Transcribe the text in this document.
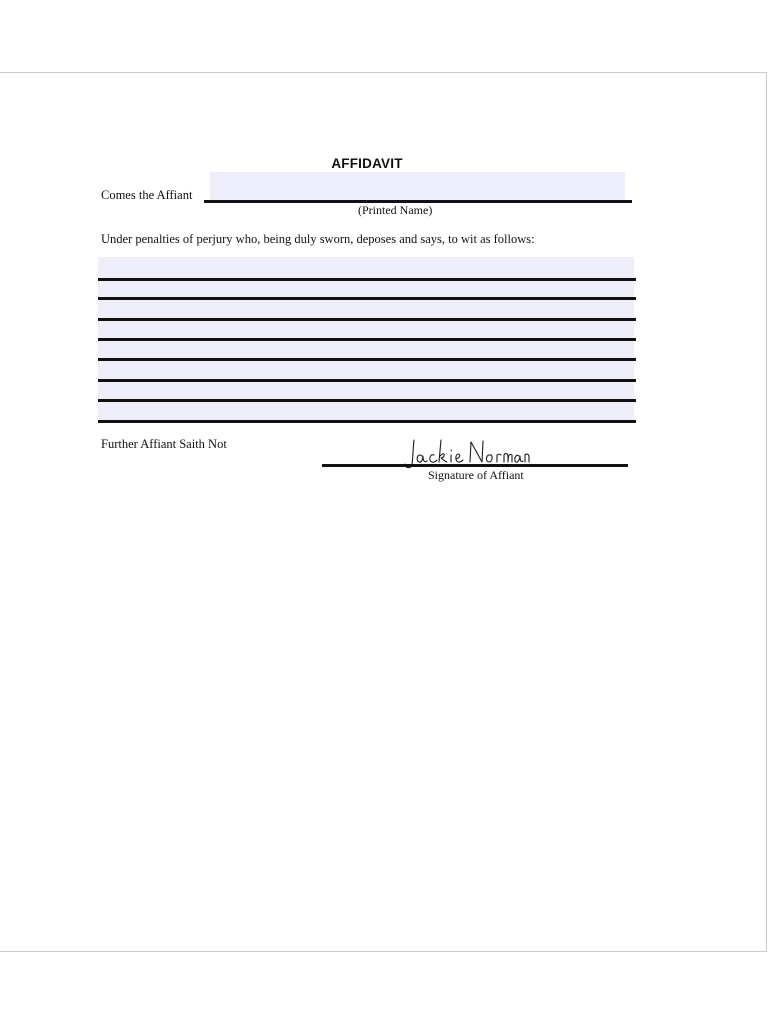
AFFIDAVIT
Comes the Affiant
(Printed Name)
Under penalties of perjury who, being duly sworn, deposes and says, to wit as follows:
Further Affiant Saith Not
Signature of Affiant
